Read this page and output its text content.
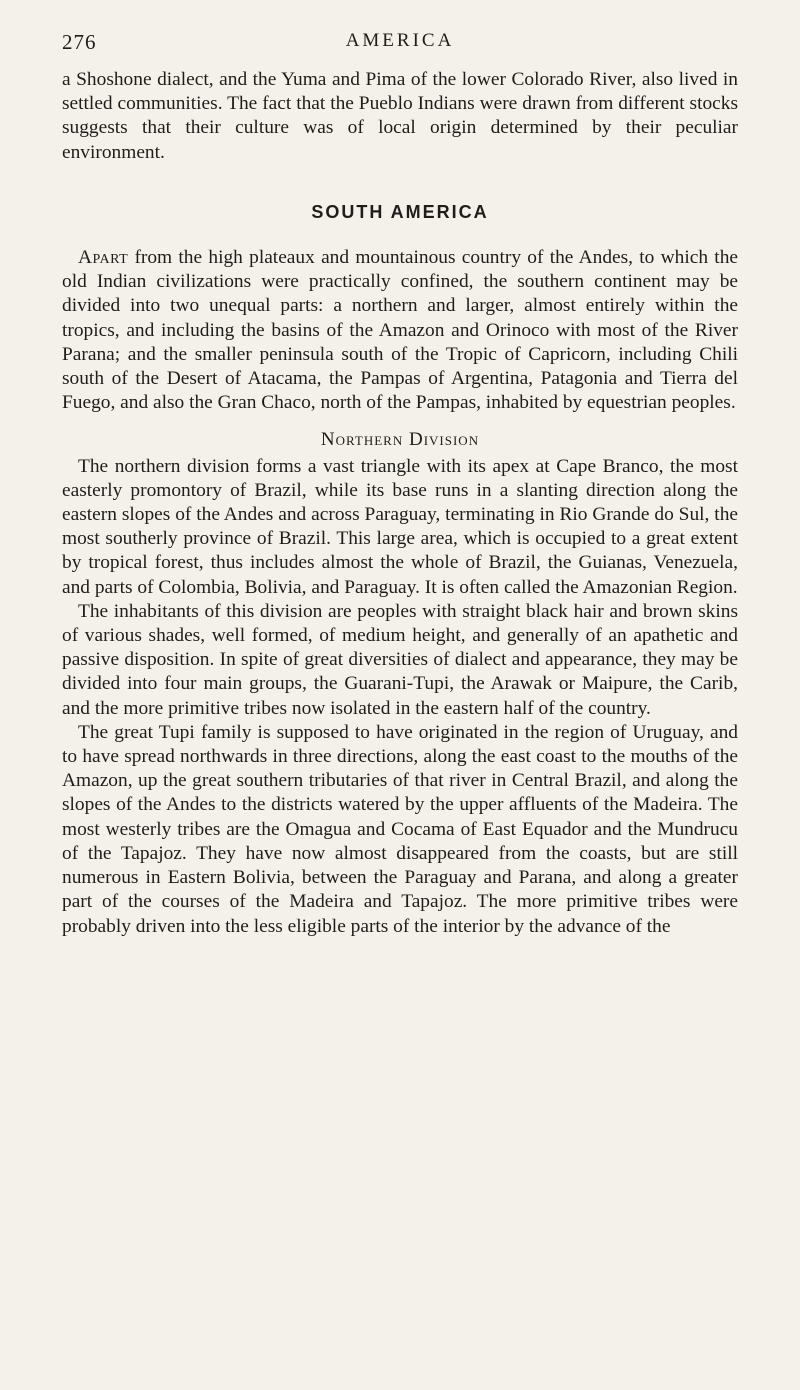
276	AMERICA

a Shoshone dialect, and the Yuma and Pima of the lower Colorado River, also lived in settled communities. The fact that the Pueblo Indians were drawn from different stocks suggests that their culture was of local origin determined by their peculiar environment.

SOUTH AMERICA

Apart from the high plateaux and mountainous country of the Andes, to which the old Indian civilizations were practically confined, the southern continent may be divided into two unequal parts: a northern and larger, almost entirely within the tropics, and including the basins of the Amazon and Orinoco with most of the River Parana; and the smaller peninsula south of the Tropic of Capricorn, including Chili south of the Desert of Atacama, the Pampas of Argentina, Patagonia and Tierra del Fuego, and also the Gran Chaco, north of the Pampas, inhabited by equestrian peoples.

Northern Division

The northern division forms a vast triangle with its apex at Cape Branco, the most easterly promontory of Brazil, while its base runs in a slanting direction along the eastern slopes of the Andes and across Paraguay, terminating in Rio Grande do Sul, the most southerly province of Brazil. This large area, which is occupied to a great extent by tropical forest, thus includes almost the whole of Brazil, the Guianas, Venezuela, and parts of Colombia, Bolivia, and Paraguay. It is often called the Amazonian Region.

The inhabitants of this division are peoples with straight black hair and brown skins of various shades, well formed, of medium height, and generally of an apathetic and passive disposition. In spite of great diversities of dialect and appearance, they may be divided into four main groups, the Guarani-Tupi, the Arawak or Maipure, the Carib, and the more primitive tribes now isolated in the eastern half of the country.

The great Tupi family is supposed to have originated in the region of Uruguay, and to have spread northwards in three directions, along the east coast to the mouths of the Amazon, up the great southern tributaries of that river in Central Brazil, and along the slopes of the Andes to the districts watered by the upper affluents of the Madeira. The most westerly tribes are the Omagua and Cocama of East Equador and the Mundrucu of the Tapajoz. They have now almost disappeared from the coasts, but are still numerous in Eastern Bolivia, between the Paraguay and Parana, and along a greater part of the courses of the Madeira and Tapajoz. The more primitive tribes were probably driven into the less eligible parts of the interior by the advance of the
